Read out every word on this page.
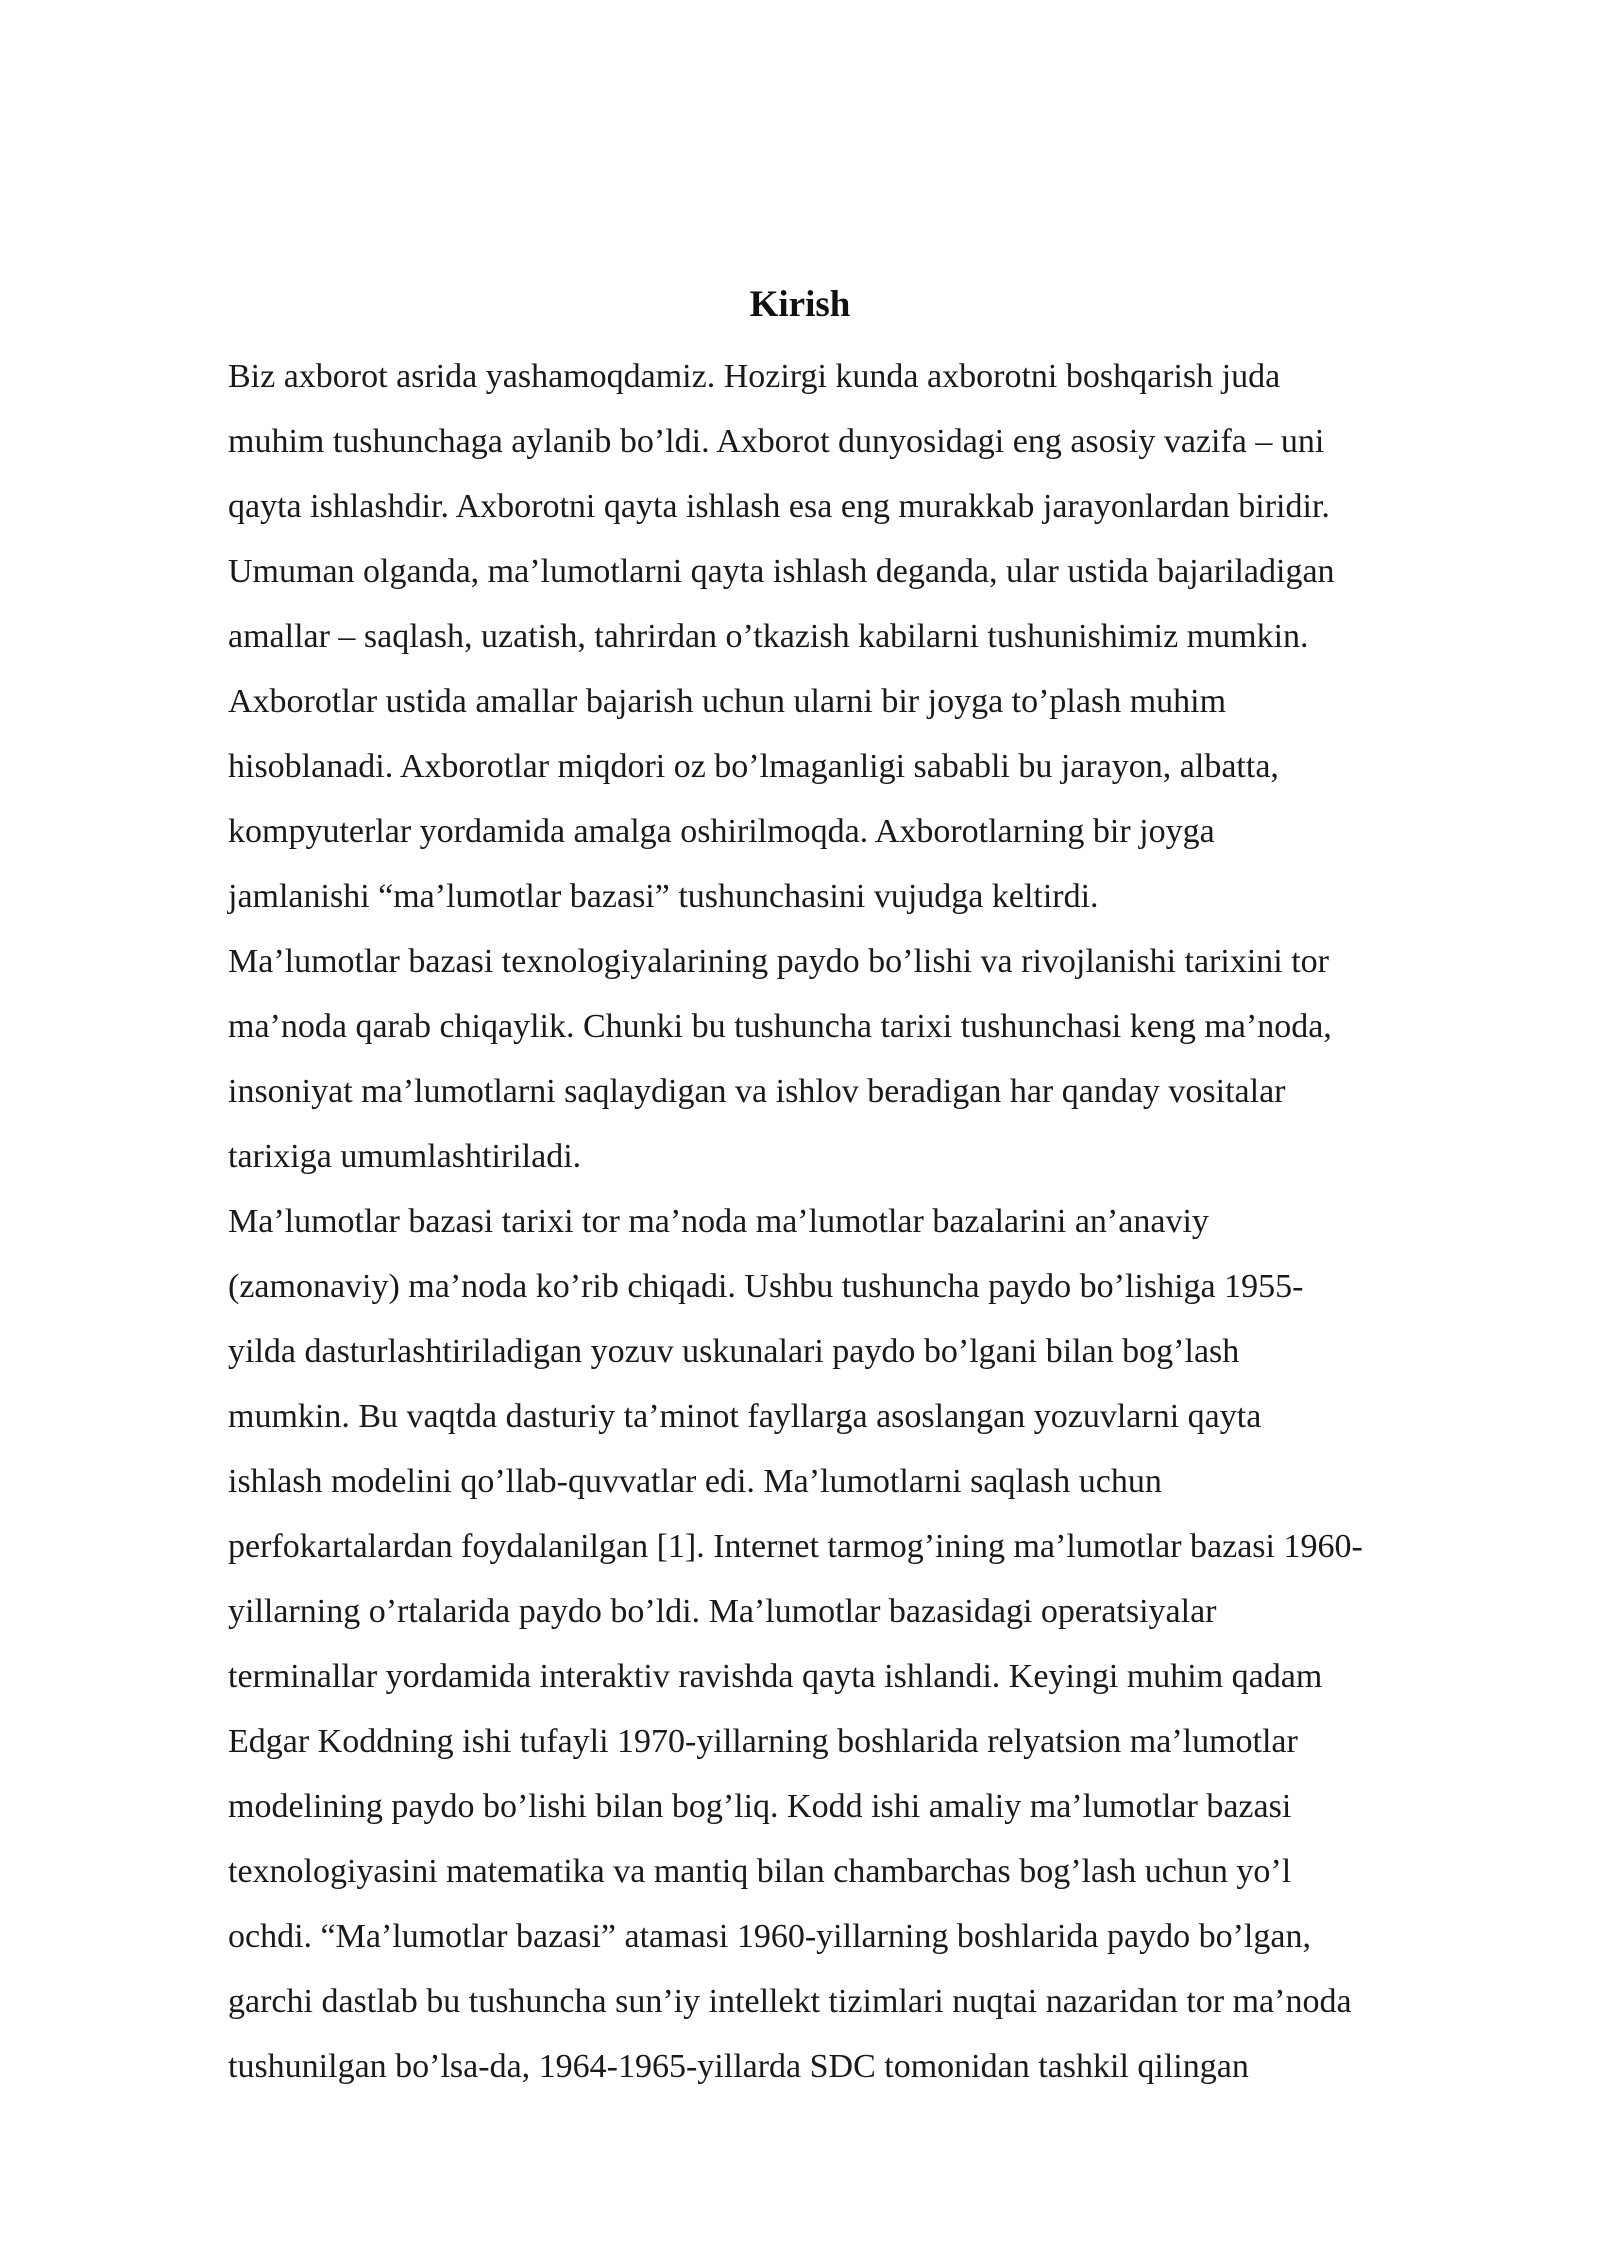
Kirish
Biz axborot asrida yashamoqdamiz. Hozirgi kunda axborotni boshqarish juda
muhim tushunchaga aylanib bo’ldi. Axborot dunyosidagi eng asosiy vazifa – uni
qayta ishlashdir. Axborotni qayta ishlash esa eng murakkab jarayonlardan biridir.
Umuman olganda, ma’lumotlarni qayta ishlash deganda, ular ustida bajariladigan
amallar – saqlash, uzatish, tahrirdan o’tkazish kabilarni tushunishimiz mumkin.
Axborotlar ustida amallar bajarish uchun ularni bir joyga to’plash muhim
hisoblanadi. Axborotlar miqdori oz bo’lmaganligi sababli bu jarayon, albatta,
kompyuterlar yordamida amalga oshirilmoqda. Axborotlarning bir joyga
jamlanishi “ma’lumotlar bazasi” tushunchasini vujudga keltirdi.
Ma’lumotlar bazasi texnologiyalarining paydo bo’lishi va rivojlanishi tarixini tor
ma’noda qarab chiqaylik. Chunki bu tushuncha tarixi tushunchasi keng ma’noda,
insoniyat ma’lumotlarni saqlaydigan va ishlov beradigan har qanday vositalar
tarixiga umumlashtiriladi.
Ma’lumotlar bazasi tarixi tor ma’noda ma’lumotlar bazalarini an’anaviy
(zamonaviy) ma’noda ko’rib chiqadi. Ushbu tushuncha paydo bo’lishiga 1955-
yilda dasturlashtiriladigan yozuv uskunalari paydo bo’lgani bilan bog’lash
mumkin. Bu vaqtda dasturiy ta’minot fayllarga asoslangan yozuvlarni qayta
ishlash modelini qo’llab-quvvatlar edi. Ma’lumotlarni saqlash uchun
perfokartalardan foydalanilgan [1]. Internet tarmog’ining ma’lumotlar bazasi 1960-
yillarning o’rtalarida paydo bo’ldi. Ma’lumotlar bazasidagi operatsiyalar
terminallar yordamida interaktiv ravishda qayta ishlandi. Keyingi muhim qadam
Edgar Koddning ishi tufayli 1970-yillarning boshlarida relyatsion ma’lumotlar
modelining paydo bo’lishi bilan bog’liq. Kodd ishi amaliy ma’lumotlar bazasi
texnologiyasini matematika va mantiq bilan chambarchas bog’lash uchun yo’l
ochdi. “Ma’lumotlar bazasi” atamasi 1960-yillarning boshlarida paydo bo’lgan,
garchi dastlab bu tushuncha sun’iy intellekt tizimlari nuqtai nazaridan tor ma’noda
tushunilgan bo’lsa-da, 1964-1965-yillarda SDC tomonidan tashkil qilingan
